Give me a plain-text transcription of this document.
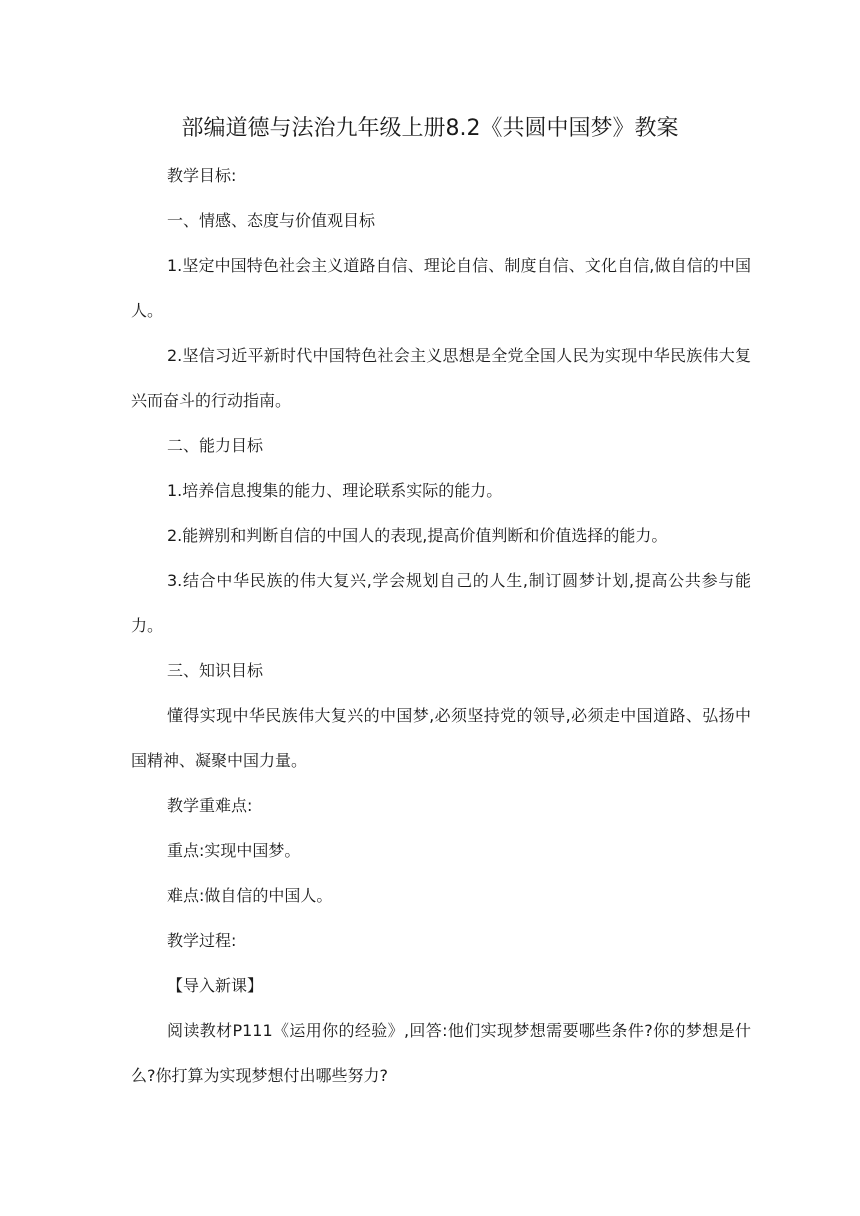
部编道德与法治九年级上册8.2《共圆中国梦》教案

教学目标:

一、情感、态度与价值观目标

1.坚定中国特色社会主义道路自信、理论自信、制度自信、文化自信,做自信的中国人。

2.坚信习近平新时代中国特色社会主义思想是全党全国人民为实现中华民族伟大复兴而奋斗的行动指南。

二、能力目标

1.培养信息搜集的能力、理论联系实际的能力。

2.能辨别和判断自信的中国人的表现,提高价值判断和价值选择的能力。

3.结合中华民族的伟大复兴,学会规划自己的人生,制订圆梦计划,提高公共参与能力。

三、知识目标

懂得实现中华民族伟大复兴的中国梦,必须坚持党的领导,必须走中国道路、弘扬中国精神、凝聚中国力量。

教学重难点:

重点:实现中国梦。

难点:做自信的中国人。

教学过程:

【导入新课】

阅读教材P111《运用你的经验》,回答:他们实现梦想需要哪些条件?你的梦想是什么?你打算为实现梦想付出哪些努力?
